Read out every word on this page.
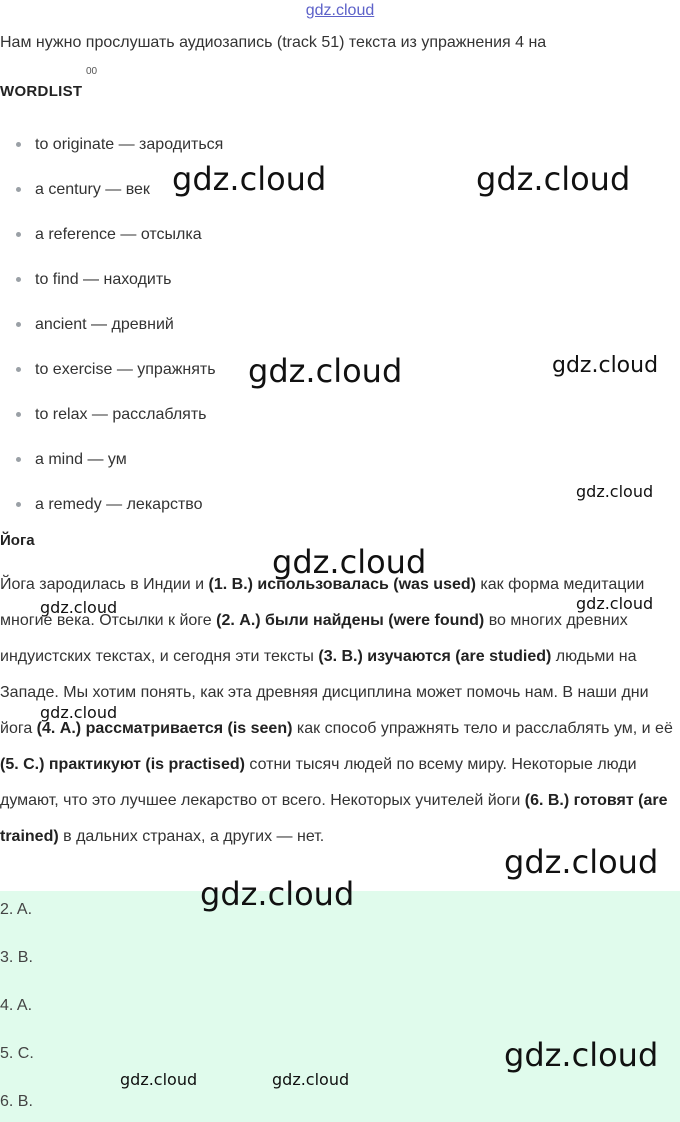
gdz.cloud
Нам нужно прослушать аудиозапись (track 51) текста из упражнения 4 на
00
WORDLIST
to originate — зародиться
a century — век
a reference — отсылка
to find — находить
ancient — древний
to exercise — упражнять
to relax — расслаблять
a mind — ум
a remedy — лекарство
Йога
Йога зародилась в Индии и (1. B.) использовалась (was used) как форма медитации многие века. Отсылки к йоге (2. A.) были найдены (were found) во многих древних индуистских текстах, и сегодня эти тексты (3. B.) изучаются (are studied) людьми на Западе. Мы хотим понять, как эта древняя дисциплина может помочь нам. В наши дни йога (4. A.) рассматривается (is seen) как способ упражнять тело и расслаблять ум, и её (5. C.) практикуют (is practised) сотни тысяч людей по всему миру. Некоторые люди думают, что это лучшее лекарство от всего. Некоторых учителей йоги (6. B.) готовят (are trained) в дальних странах, а других — нет.
2. A.
3. B.
4. A.
5. C.
6. B.
gdz.cloud	gdz.cloud
gdz.cloud	gdz.cloud
gdz.cloud
gdz.cloud
gdz.cloud	gdz.cloud
gdz.cloud
gdz.cloud
gdz.cloud
gdz.cloud
gdz.cloud	gdz.cloud
